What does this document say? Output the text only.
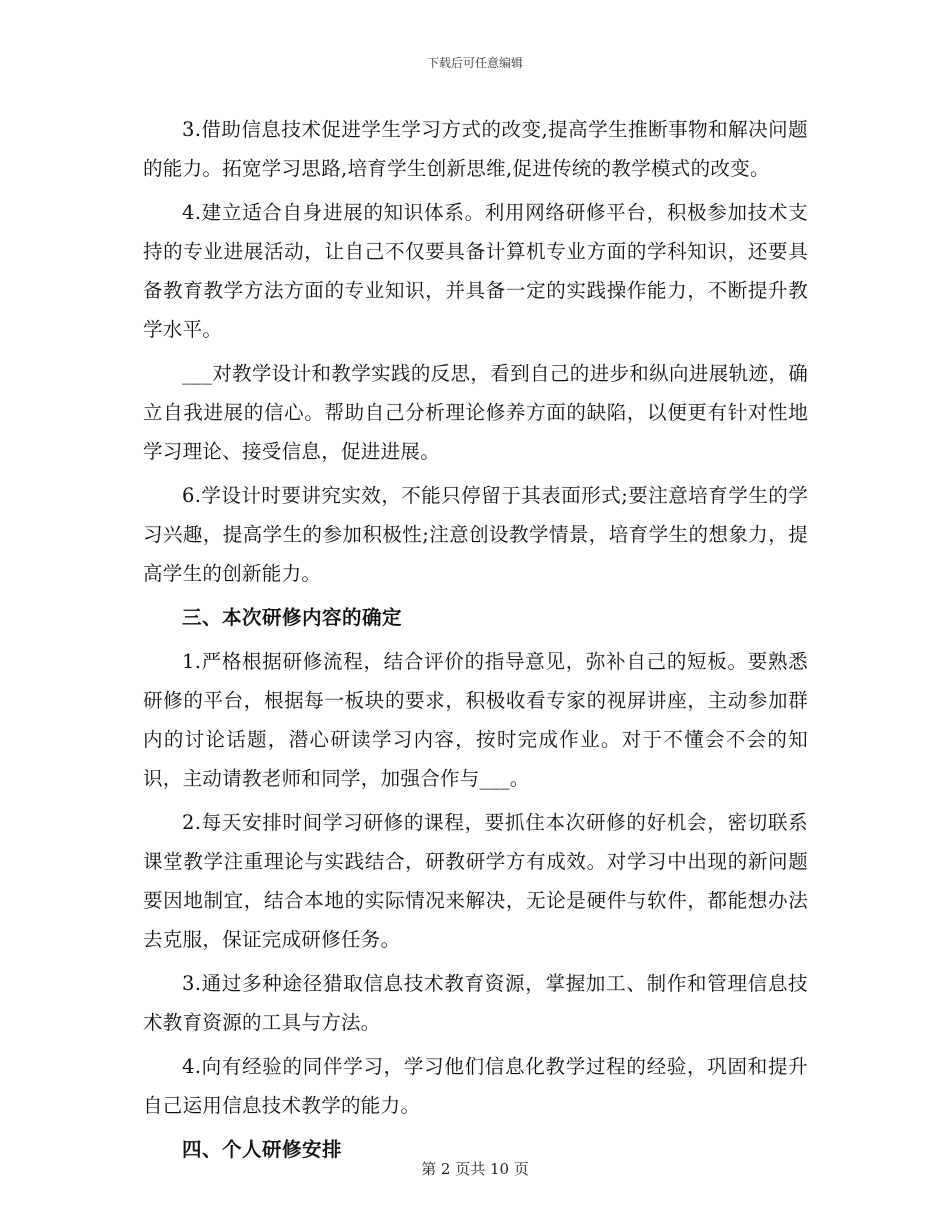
下载后可任意编辑

3.借助信息技术促进学生学习方式的改变,提高学生推断事物和解决问题的能力。拓宽学习思路,培育学生创新思维,促进传统的教学模式的改变。

4.建立适合自身进展的知识体系。利用网络研修平台，积极参加技术支持的专业进展活动，让自己不仅要具备计算机专业方面的学科知识，还要具备教育教学方法方面的专业知识，并具备一定的实践操作能力，不断提升教学水平。

___对教学设计和教学实践的反思，看到自己的进步和纵向进展轨迹，确立自我进展的信心。帮助自己分析理论修养方面的缺陷，以便更有针对性地学习理论、接受信息，促进进展。

6.学设计时要讲究实效，不能只停留于其表面形式;要注意培育学生的学习兴趣，提高学生的参加积极性;注意创设教学情景，培育学生的想象力，提高学生的创新能力。

三、本次研修内容的确定

1.严格根据研修流程，结合评价的指导意见，弥补自己的短板。要熟悉研修的平台，根据每一板块的要求，积极收看专家的视屏讲座，主动参加群内的讨论话题，潜心研读学习内容，按时完成作业。对于不懂会不会的知识，主动请教老师和同学，加强合作与___。

2.每天安排时间学习研修的课程，要抓住本次研修的好机会，密切联系课堂教学注重理论与实践结合，研教研学方有成效。对学习中出现的新问题要因地制宜，结合本地的实际情况来解决，无论是硬件与软件，都能想办法去克服，保证完成研修任务。

3.通过多种途径猎取信息技术教育资源，掌握加工、制作和管理信息技术教育资源的工具与方法。

4.向有经验的同伴学习，学习他们信息化教学过程的经验，巩固和提升自己运用信息技术教学的能力。

四、个人研修安排

第 2 页共 10 页
